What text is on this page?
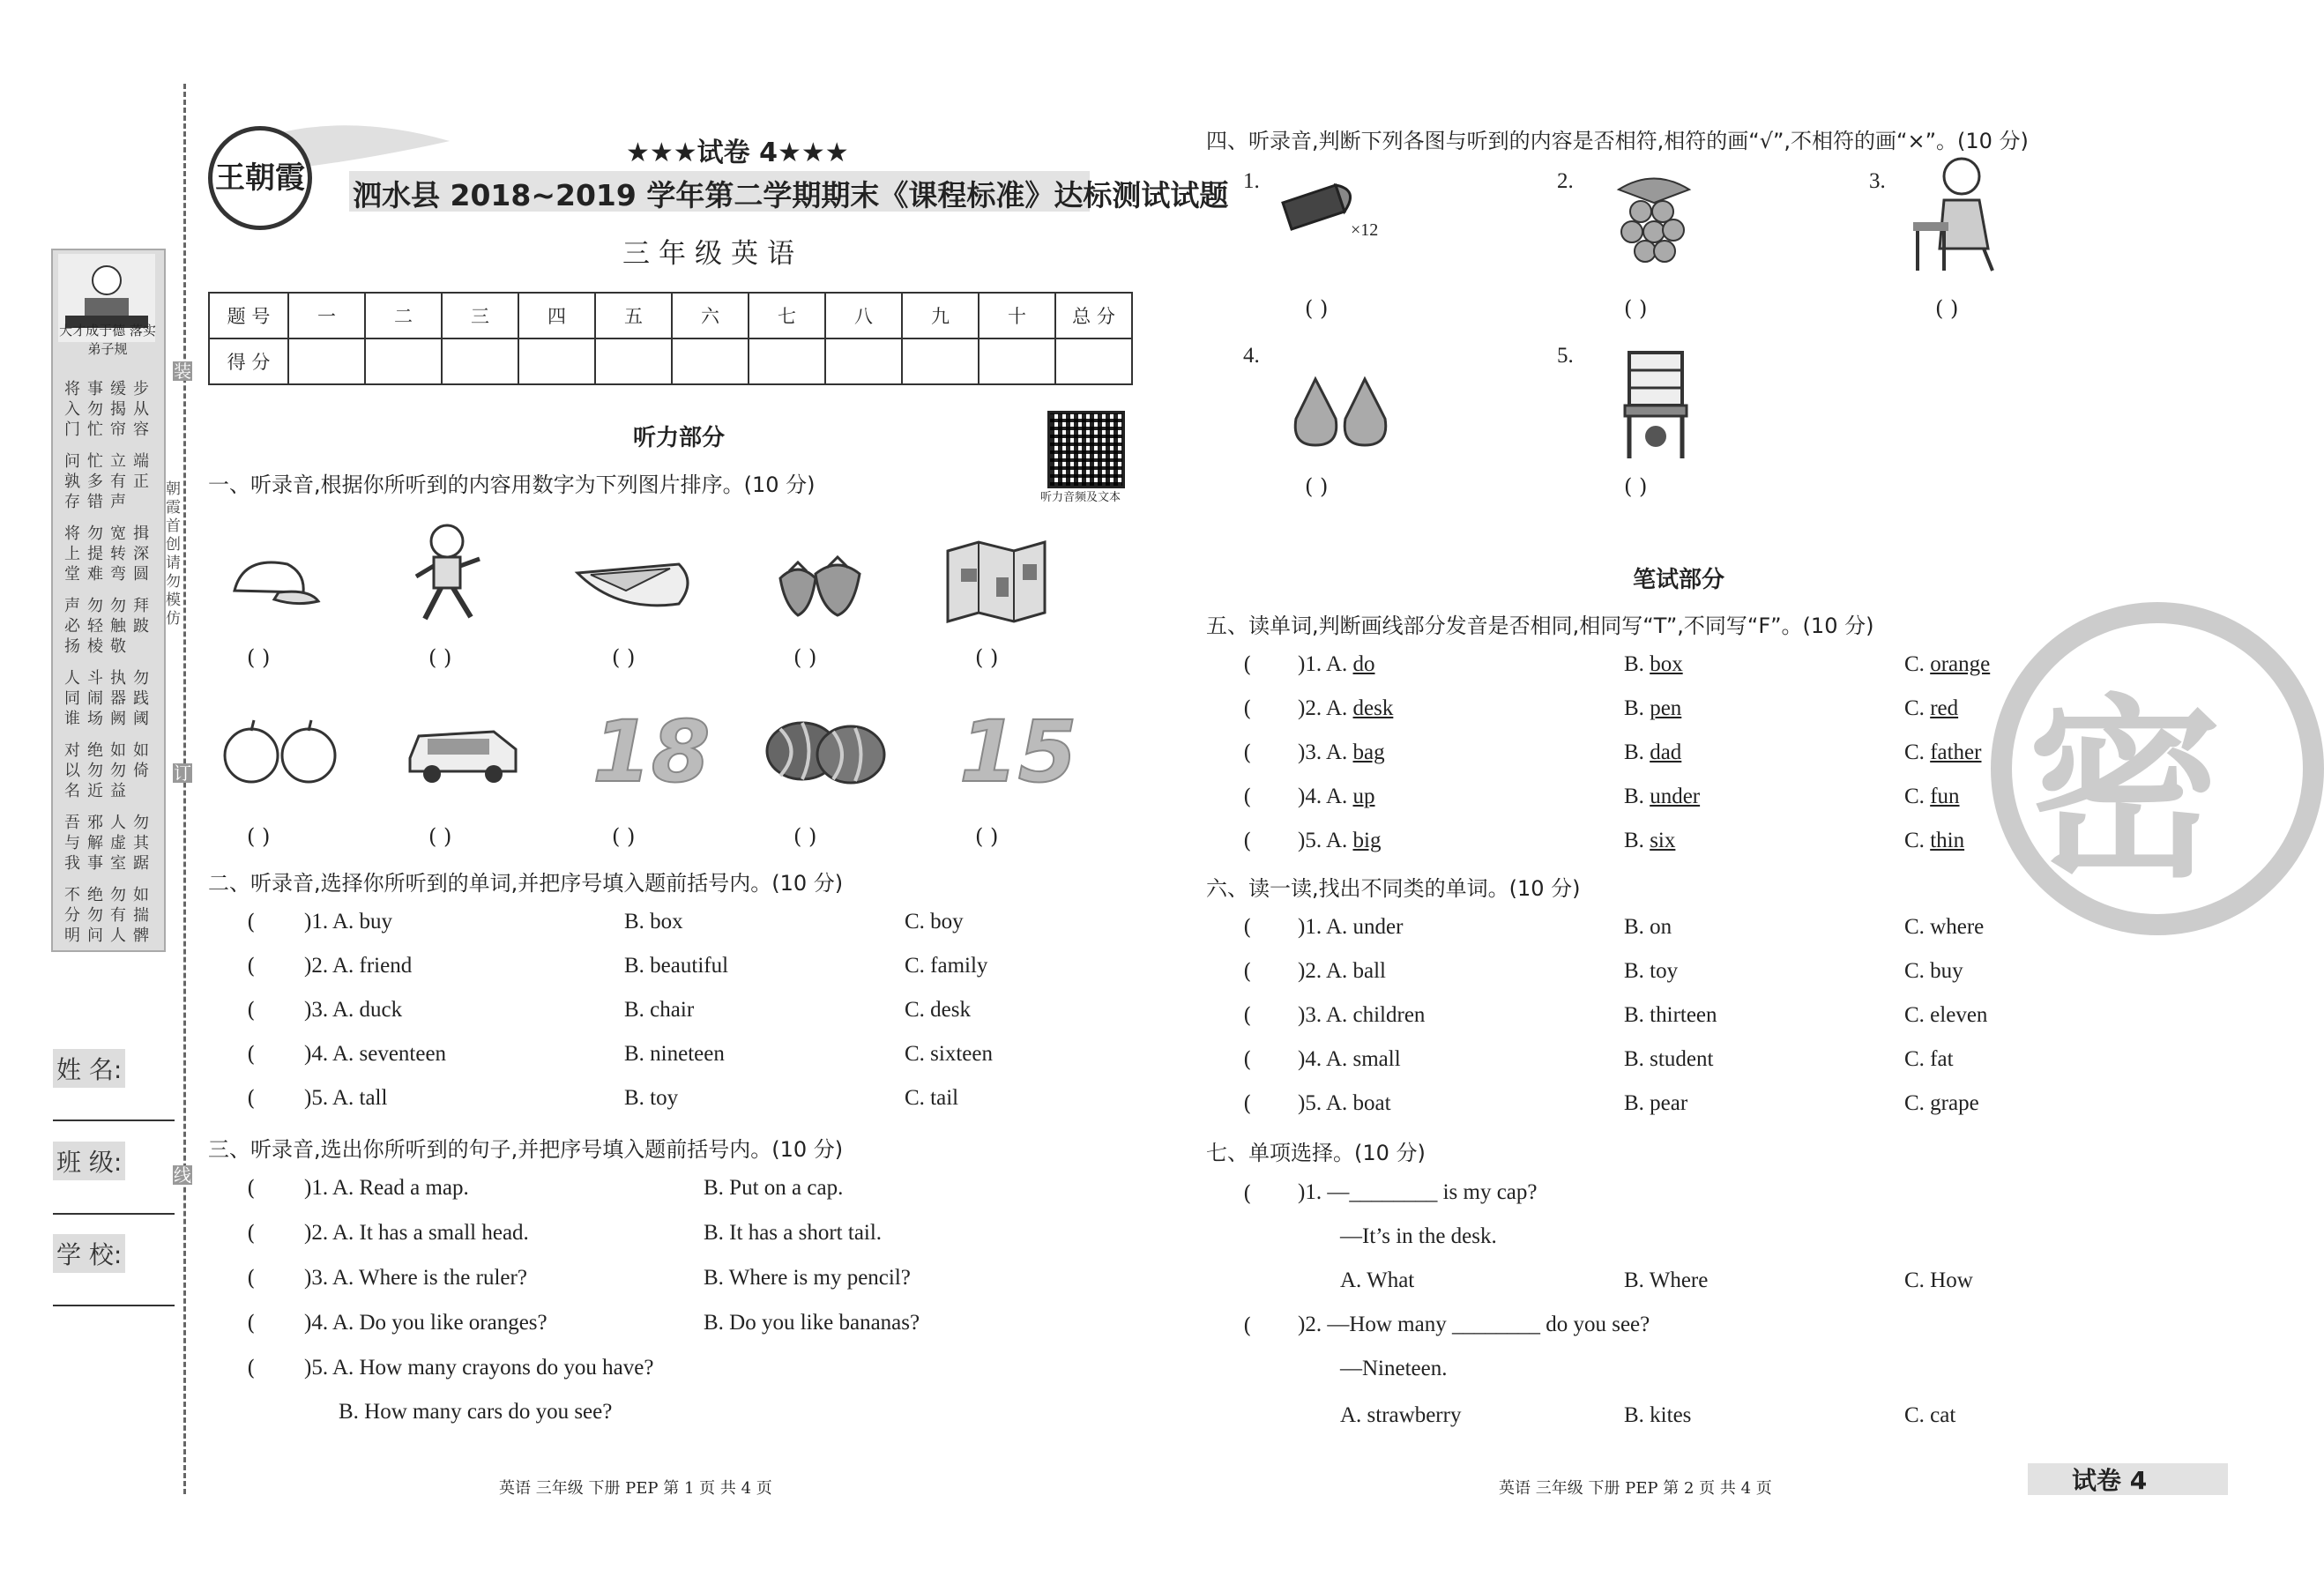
大才成于德 落实弟子规
装
订
线
朝霞首创 请勿模仿
姓 名:
班 级:
学 校:
王朝霞
★★★试卷 4★★★
泗水县 2018~2019 学年第二学期期末《课程标准》达标测试试题
三年级英语
题 号	一	二	三	四	五	六	七	八	九	十	总 分
得 分											
听力部分
听力音频及文本
一、听录音,根据你所听到的内容用数字为下列图片排序。(10 分)
18	15
二、听录音,选择你所听到的单词,并把序号填入题前括号内。(10 分)
三、听录音,选出你所听到的句子,并把序号填入题前括号内。(10 分)
四、听录音,判断下列各图与听到的内容是否相符,相符的画“√”,不相符的画“×”。(10 分)
1.
×12
2.	3.
4.	5.
笔试部分
五、读单词,判断画线部分发音是否相同,相同写“T”,不同写“F”。(10 分)
六、读一读,找出不同类的单词。(10 分)
七、单项选择。(10 分)
( )1. —________ is my cap?
—It’s in the desk.
A. What	B. Where	C. How
( )2. —How many ________ do you see?
—Nineteen.
A. strawberry	B. kites	C. cat
密
英语 三年级 下册 PEP 第 1 页 共 4 页	英语 三年级 下册 PEP 第 2 页 共 4 页	试卷 4
将
入
门
事
勿
忙
缓
揭
帘
步
从
容
问
孰
存
忙
多
错
立
有
声
端
正
将
上
堂
勿
提
难
宽
转
弯
揖
深
圆
声
必
扬
勿
轻
棱
勿
触
敬
拜
跛
人
同
谁
斗
闹
场
执
器
阙
勿
践
阈
对
以
名
绝
勿
近
如
勿
益
如
倚
吾
与
我
邪
解
事
人
虚
室
勿
其
踞
不
分
明
绝
勿
问
勿
有
人
如
揣
髀
( )
( )
( )
( )
( )
( )
( )
( )
( )
( )
( )1. A. buy	B. box	C. boy
( )2. A. friend	B. beautiful	C. family
( )3. A. duck	B. chair	C. desk
( )4. A. seventeen	B. nineteen	C. sixteen
( )5. A. tall	B. toy	C. tail
( )1. A. Read a map.	B. Put on a cap.
( )2. A. It has a small head.	B. It has a short tail.
( )3. A. Where is the ruler?	B. Where is my pencil?
( )4. A. Do you like oranges?	B. Do you like bananas?
( )5. A. How many crayons do you have?
B. How many cars do you see?
( )	( )	( )
( )	( )
( )1. A. do	B. box	C. orange
( )2. A. desk	B. pen	C. red
( )3. A. bag	B. dad	C. father
( )4. A. up	B. under	C. fun
( )5. A. big	B. six	C. thin
( )1. A. under	B. on	C. where
( )2. A. ball	B. toy	C. buy
( )3. A. children	B. thirteen	C. eleven
( )4. A. small	B. student	C. fat
( )5. A. boat	B. pear	C. grape
